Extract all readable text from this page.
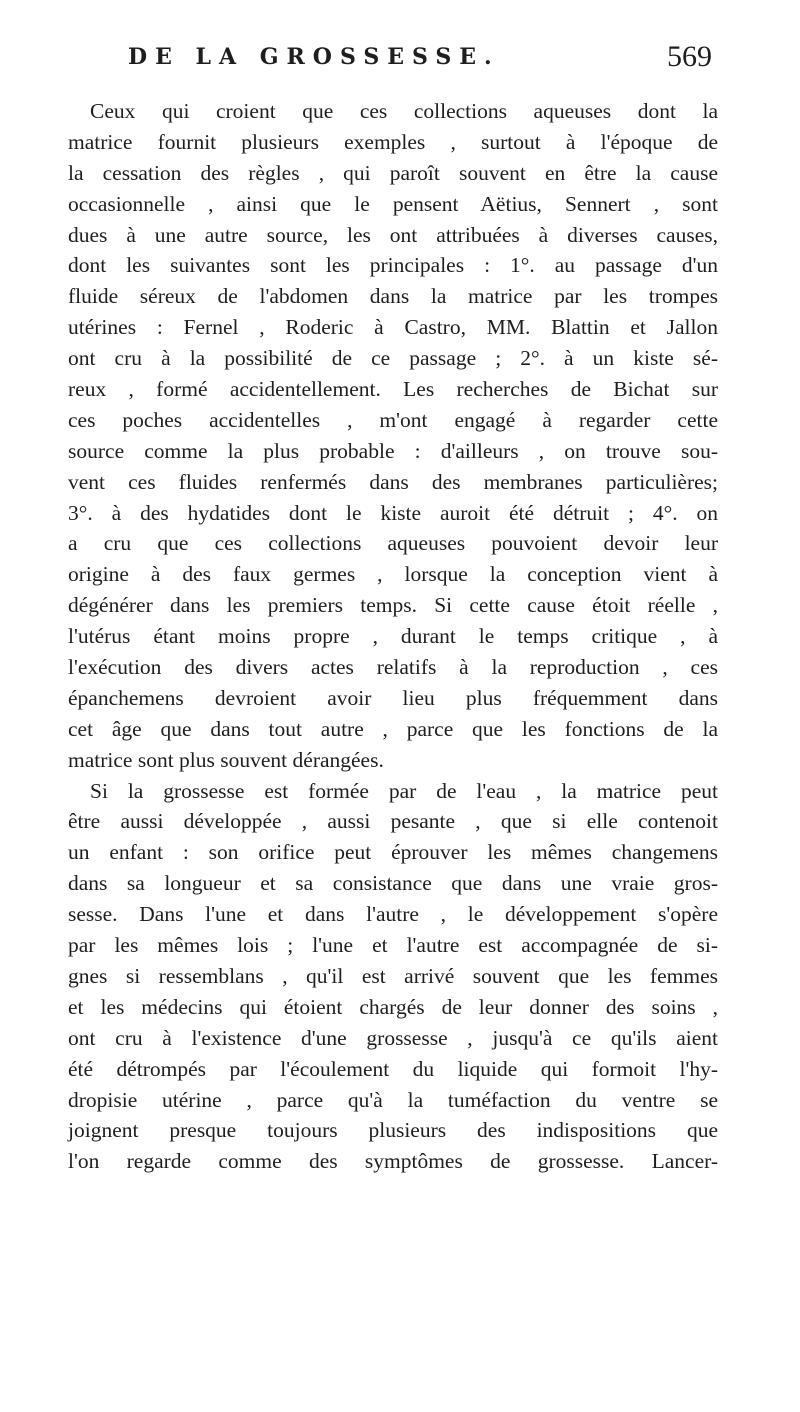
DE LA GROSSESSE.	569
Ceux qui croient que ces collections aqueuses dont la
matrice fournit plusieurs exemples , surtout à l'époque de
la cessation des règles , qui paroît souvent en être la cause
occasionnelle , ainsi que le pensent Aëtius, Sennert , sont
dues à une autre source, les ont attribuées à diverses causes,
dont les suivantes sont les principales : 1°. au passage d'un
fluide séreux de l'abdomen dans la matrice par les trompes
utérines : Fernel , Roderic à Castro, MM. Blattin et Jallon
ont cru à la possibilité de ce passage ; 2°. à un kiste sé-
reux , formé accidentellement. Les recherches de Bichat sur
ces poches accidentelles , m'ont engagé à regarder cette
source comme la plus probable : d'ailleurs , on trouve sou-
vent ces fluides renfermés dans des membranes particulières;
3°. à des hydatides dont le kiste auroit été détruit ; 4°. on
a cru que ces collections aqueuses pouvoient devoir leur
origine à des faux germes , lorsque la conception vient à
dégénérer dans les premiers temps. Si cette cause étoit réelle ,
l'utérus étant moins propre , durant le temps critique , à
l'exécution des divers actes relatifs à la reproduction , ces
épanchemens devroient avoir lieu plus fréquemment dans
cet âge que dans tout autre , parce que les fonctions de la
matrice sont plus souvent dérangées.
Si la grossesse est formée par de l'eau , la matrice peut
être aussi développée , aussi pesante , que si elle contenoit
un enfant : son orifice peut éprouver les mêmes changemens
dans sa longueur et sa consistance que dans une vraie gros-
sesse. Dans l'une et dans l'autre , le développement s'opère
par les mêmes lois ; l'une et l'autre est accompagnée de si-
gnes si ressemblans , qu'il est arrivé souvent que les femmes
et les médecins qui étoient chargés de leur donner des soins ,
ont cru à l'existence d'une grossesse , jusqu'à ce qu'ils aient
été détrompés par l'écoulement du liquide qui formoit l'hy-
dropisie utérine , parce qu'à la tuméfaction du ventre se
joignent presque toujours plusieurs des indispositions que
l'on regarde comme des symptômes de grossesse. Lancer-
